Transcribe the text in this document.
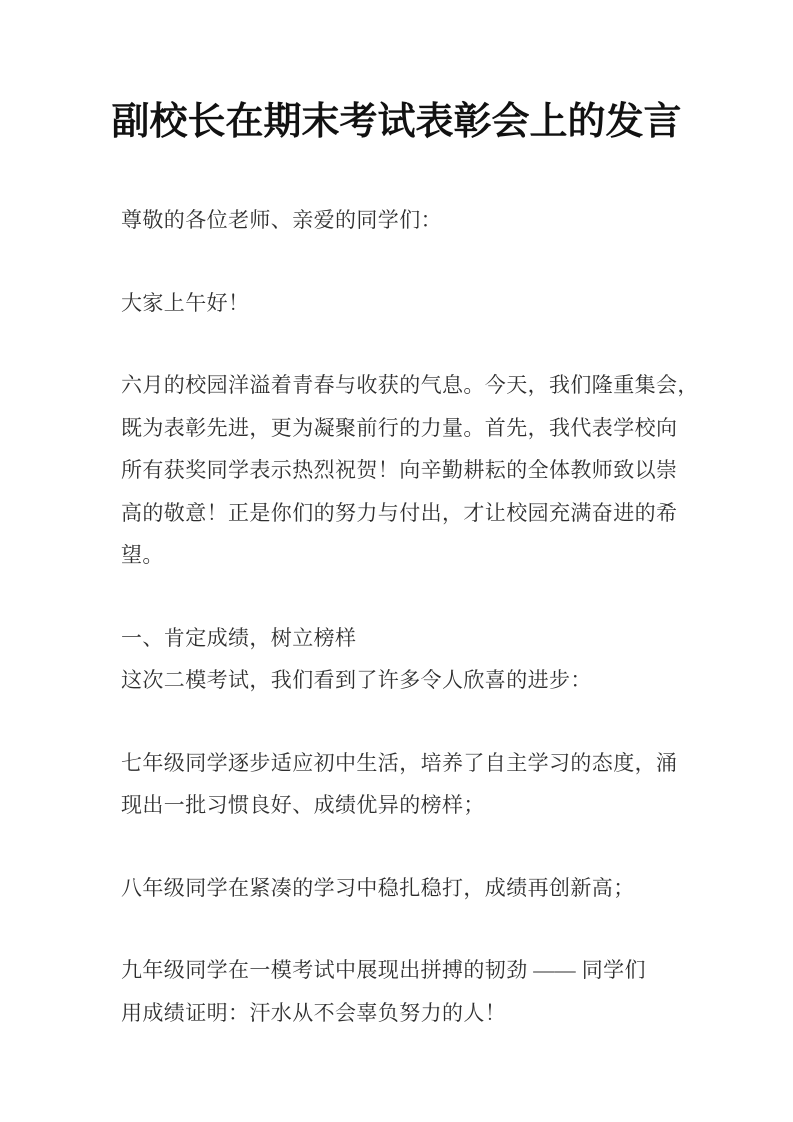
副校长在期末考试表彰会上的发言
尊敬的各位老师、亲爱的同学们：
大家上午好！
六月的校园洋溢着青春与收获的气息。今天，我们隆重集会，
既为表彰先进，更为凝聚前行的力量。首先，我代表学校向
所有获奖同学表示热烈祝贺！向辛勤耕耘的全体教师致以崇
高的敬意！正是你们的努力与付出，才让校园充满奋进的希
望。
一、肯定成绩，树立榜样
这次二模考试，我们看到了许多令人欣喜的进步：
七年级同学逐步适应初中生活，培养了自主学习的态度，涌
现出一批习惯良好、成绩优异的榜样；
八年级同学在紧凑的学习中稳扎稳打，成绩再创新高；
九年级同学在一模考试中展现出拼搏的韧劲 —— 同学们
用成绩证明：汗水从不会辜负努力的人！
